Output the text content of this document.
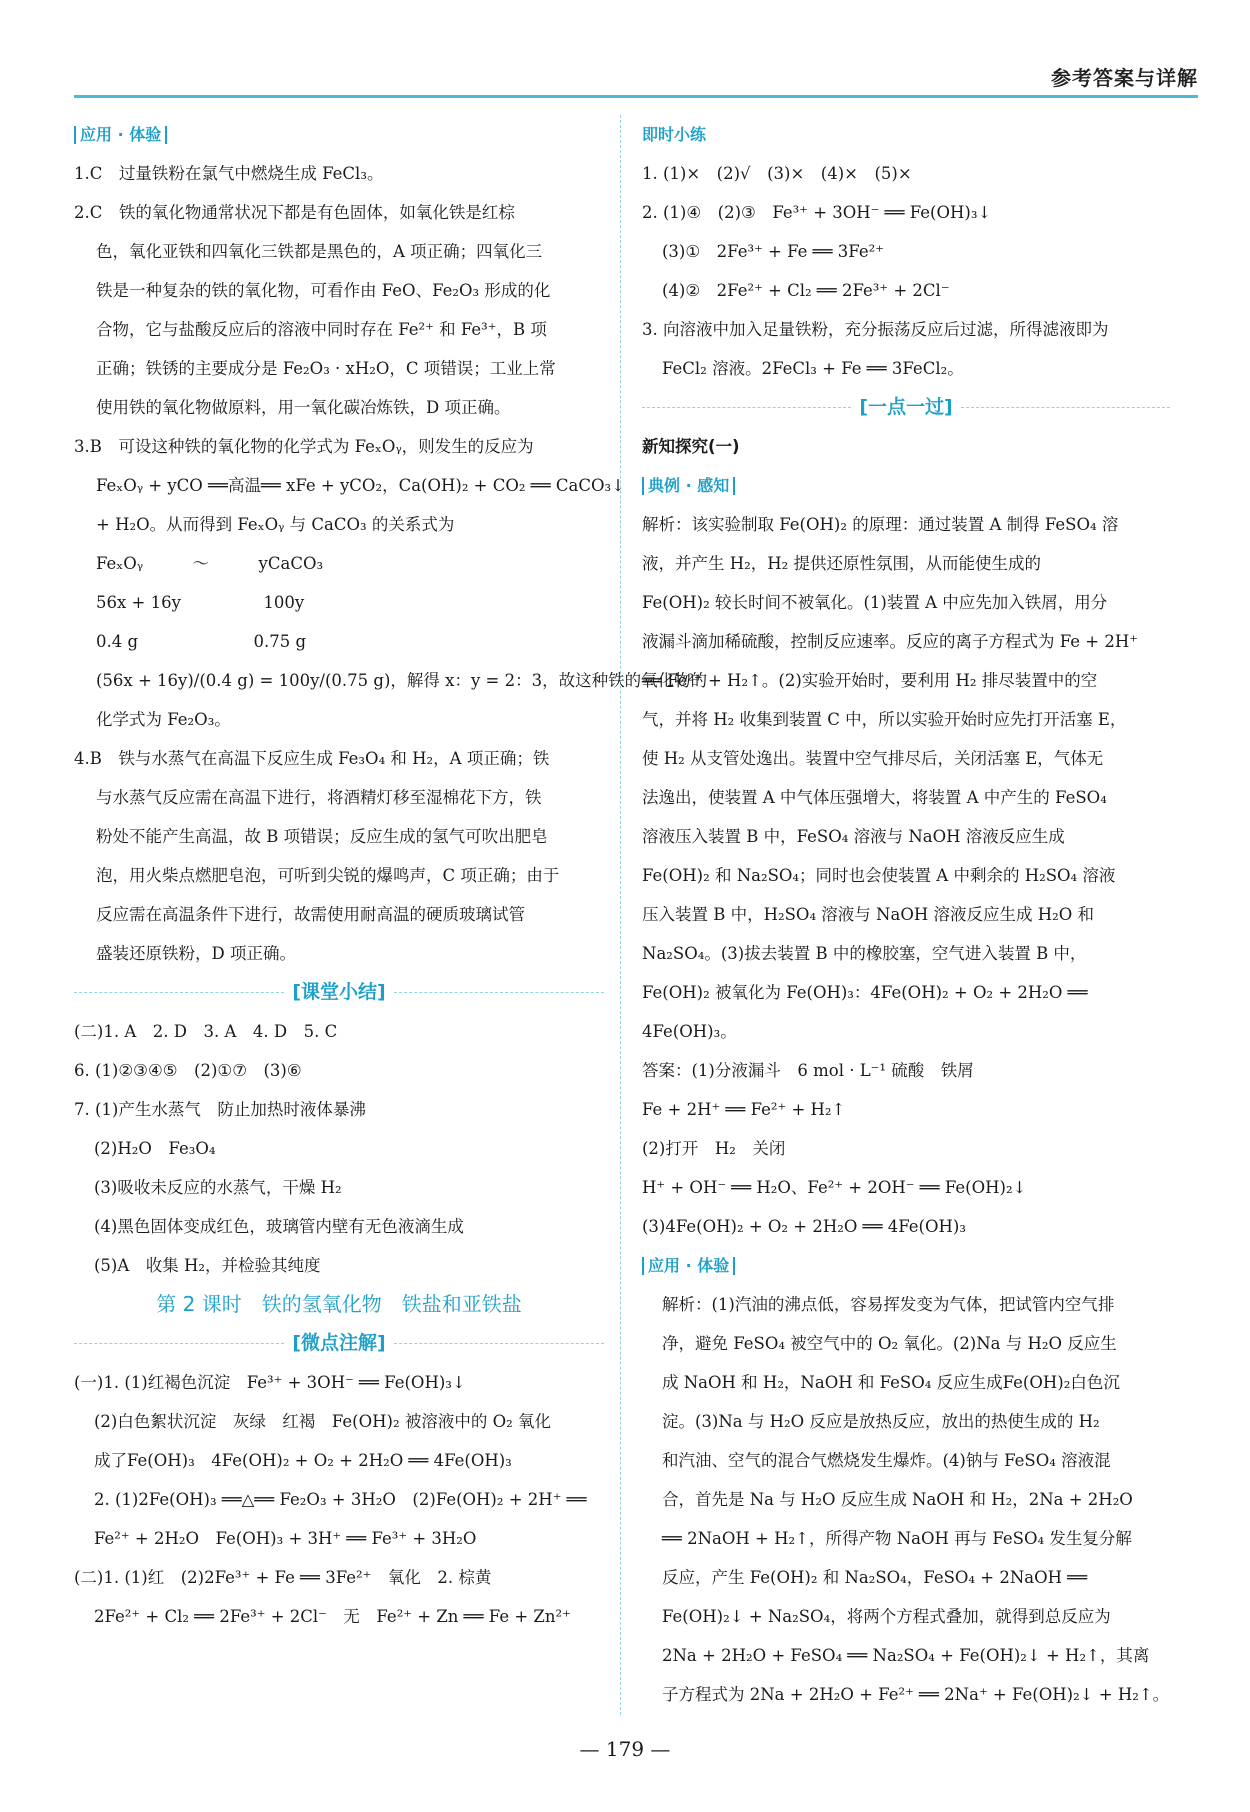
参考答案与详解
应用 · 体验
1.C　过量铁粉在氯气中燃烧生成 FeCl₃。
2.C　铁的氧化物通常状况下都是有色固体，如氧化铁是红棕
色，氧化亚铁和四氧化三铁都是黑色的，A 项正确；四氧化三
铁是一种复杂的铁的氧化物，可看作由 FeO、Fe₂O₃ 形成的化
合物，它与盐酸反应后的溶液中同时存在 Fe²⁺ 和 Fe³⁺，B 项
正确；铁锈的主要成分是 Fe₂O₃ · xH₂O，C 项错误；工业上常
使用铁的氧化物做原料，用一氧化碳冶炼铁，D 项正确。
3.B　可设这种铁的氧化物的化学式为 FeₓOᵧ，则发生的反应为
FeₓOᵧ + yCO ══高温══ xFe + yCO₂，Ca(OH)₂ + CO₂ ══ CaCO₃↓
+ H₂O。从而得到 FeₓOᵧ 与 CaCO₃ 的关系式为
FeₓOᵧ　　　～　　　yCaCO₃
56x + 16y　　　　　100y
0.4 g　　　　　　　0.75 g
(56x + 16y)/(0.4 g) = 100y/(0.75 g)，解得 x：y = 2：3，故这种铁的氧化物的
化学式为 Fe₂O₃。
4.B　铁与水蒸气在高温下反应生成 Fe₃O₄ 和 H₂，A 项正确；铁
与水蒸气反应需在高温下进行，将酒精灯移至湿棉花下方，铁
粉处不能产生高温，故 B 项错误；反应生成的氢气可吹出肥皂
泡，用火柴点燃肥皂泡，可听到尖锐的爆鸣声，C 项正确；由于
反应需在高温条件下进行，故需使用耐高温的硬质玻璃试管
盛装还原铁粉，D 项正确。
[课堂小结]
(二)1. A　2. D　3. A　4. D　5. C
6. (1)②③④⑤　(2)①⑦　(3)⑥
7. (1)产生水蒸气　防止加热时液体暴沸
(2)H₂O　Fe₃O₄
(3)吸收未反应的水蒸气，干燥 H₂
(4)黑色固体变成红色，玻璃管内壁有无色液滴生成
(5)A　收集 H₂，并检验其纯度
第 2 课时　铁的氢氧化物　铁盐和亚铁盐
[微点注解]
(一)1. (1)红褐色沉淀　Fe³⁺ + 3OH⁻ ══ Fe(OH)₃↓
(2)白色絮状沉淀　灰绿　红褐　Fe(OH)₂ 被溶液中的 O₂ 氧化
成了Fe(OH)₃　4Fe(OH)₂ + O₂ + 2H₂O ══ 4Fe(OH)₃
2. (1)2Fe(OH)₃ ══△══ Fe₂O₃ + 3H₂O　(2)Fe(OH)₂ + 2H⁺ ══
Fe²⁺ + 2H₂O　Fe(OH)₃ + 3H⁺ ══ Fe³⁺ + 3H₂O
(二)1. (1)红　(2)2Fe³⁺ + Fe ══ 3Fe²⁺　氧化　2. 棕黄
2Fe²⁺ + Cl₂ ══ 2Fe³⁺ + 2Cl⁻　无　Fe²⁺ + Zn ══ Fe + Zn²⁺
即时小练
1. (1)×　(2)√　(3)×　(4)×　(5)×
2. (1)④　(2)③　Fe³⁺ + 3OH⁻ ══ Fe(OH)₃↓
(3)①　2Fe³⁺ + Fe ══ 3Fe²⁺
(4)②　2Fe²⁺ + Cl₂ ══ 2Fe³⁺ + 2Cl⁻
3. 向溶液中加入足量铁粉，充分振荡反应后过滤，所得滤液即为
FeCl₂ 溶液。2FeCl₃ + Fe ══ 3FeCl₂。
[一点一过]
新知探究(一)
典例 · 感知
解析：该实验制取 Fe(OH)₂ 的原理：通过装置 A 制得 FeSO₄ 溶
液，并产生 H₂，H₂ 提供还原性氛围，从而能使生成的
Fe(OH)₂ 较长时间不被氧化。(1)装置 A 中应先加入铁屑，用分
液漏斗滴加稀硫酸，控制反应速率。反应的离子方程式为 Fe + 2H⁺
══ Fe²⁺ + H₂↑。(2)实验开始时，要利用 H₂ 排尽装置中的空
气，并将 H₂ 收集到装置 C 中，所以实验开始时应先打开活塞 E，
使 H₂ 从支管处逸出。装置中空气排尽后，关闭活塞 E，气体无
法逸出，使装置 A 中气体压强增大，将装置 A 中产生的 FeSO₄
溶液压入装置 B 中，FeSO₄ 溶液与 NaOH 溶液反应生成
Fe(OH)₂ 和 Na₂SO₄；同时也会使装置 A 中剩余的 H₂SO₄ 溶液
压入装置 B 中，H₂SO₄ 溶液与 NaOH 溶液反应生成 H₂O 和
Na₂SO₄。(3)拔去装置 B 中的橡胶塞，空气进入装置 B 中，
Fe(OH)₂ 被氧化为 Fe(OH)₃：4Fe(OH)₂ + O₂ + 2H₂O ══
4Fe(OH)₃。
答案：(1)分液漏斗　6 mol · L⁻¹ 硫酸　铁屑
Fe + 2H⁺ ══ Fe²⁺ + H₂↑
(2)打开　H₂　关闭
H⁺ + OH⁻ ══ H₂O、Fe²⁺ + 2OH⁻ ══ Fe(OH)₂↓
(3)4Fe(OH)₂ + O₂ + 2H₂O ══ 4Fe(OH)₃
应用 · 体验
解析：(1)汽油的沸点低，容易挥发变为气体，把试管内空气排
净，避免 FeSO₄ 被空气中的 O₂ 氧化。(2)Na 与 H₂O 反应生
成 NaOH 和 H₂，NaOH 和 FeSO₄ 反应生成Fe(OH)₂白色沉
淀。(3)Na 与 H₂O 反应是放热反应，放出的热使生成的 H₂
和汽油、空气的混合气燃烧发生爆炸。(4)钠与 FeSO₄ 溶液混
合，首先是 Na 与 H₂O 反应生成 NaOH 和 H₂，2Na + 2H₂O
══ 2NaOH + H₂↑，所得产物 NaOH 再与 FeSO₄ 发生复分解
反应，产生 Fe(OH)₂ 和 Na₂SO₄，FeSO₄ + 2NaOH ══
Fe(OH)₂↓ + Na₂SO₄，将两个方程式叠加，就得到总反应为
2Na + 2H₂O + FeSO₄ ══ Na₂SO₄ + Fe(OH)₂↓ + H₂↑，其离
子方程式为 2Na + 2H₂O + Fe²⁺ ══ 2Na⁺ + Fe(OH)₂↓ + H₂↑。
— 179 —
